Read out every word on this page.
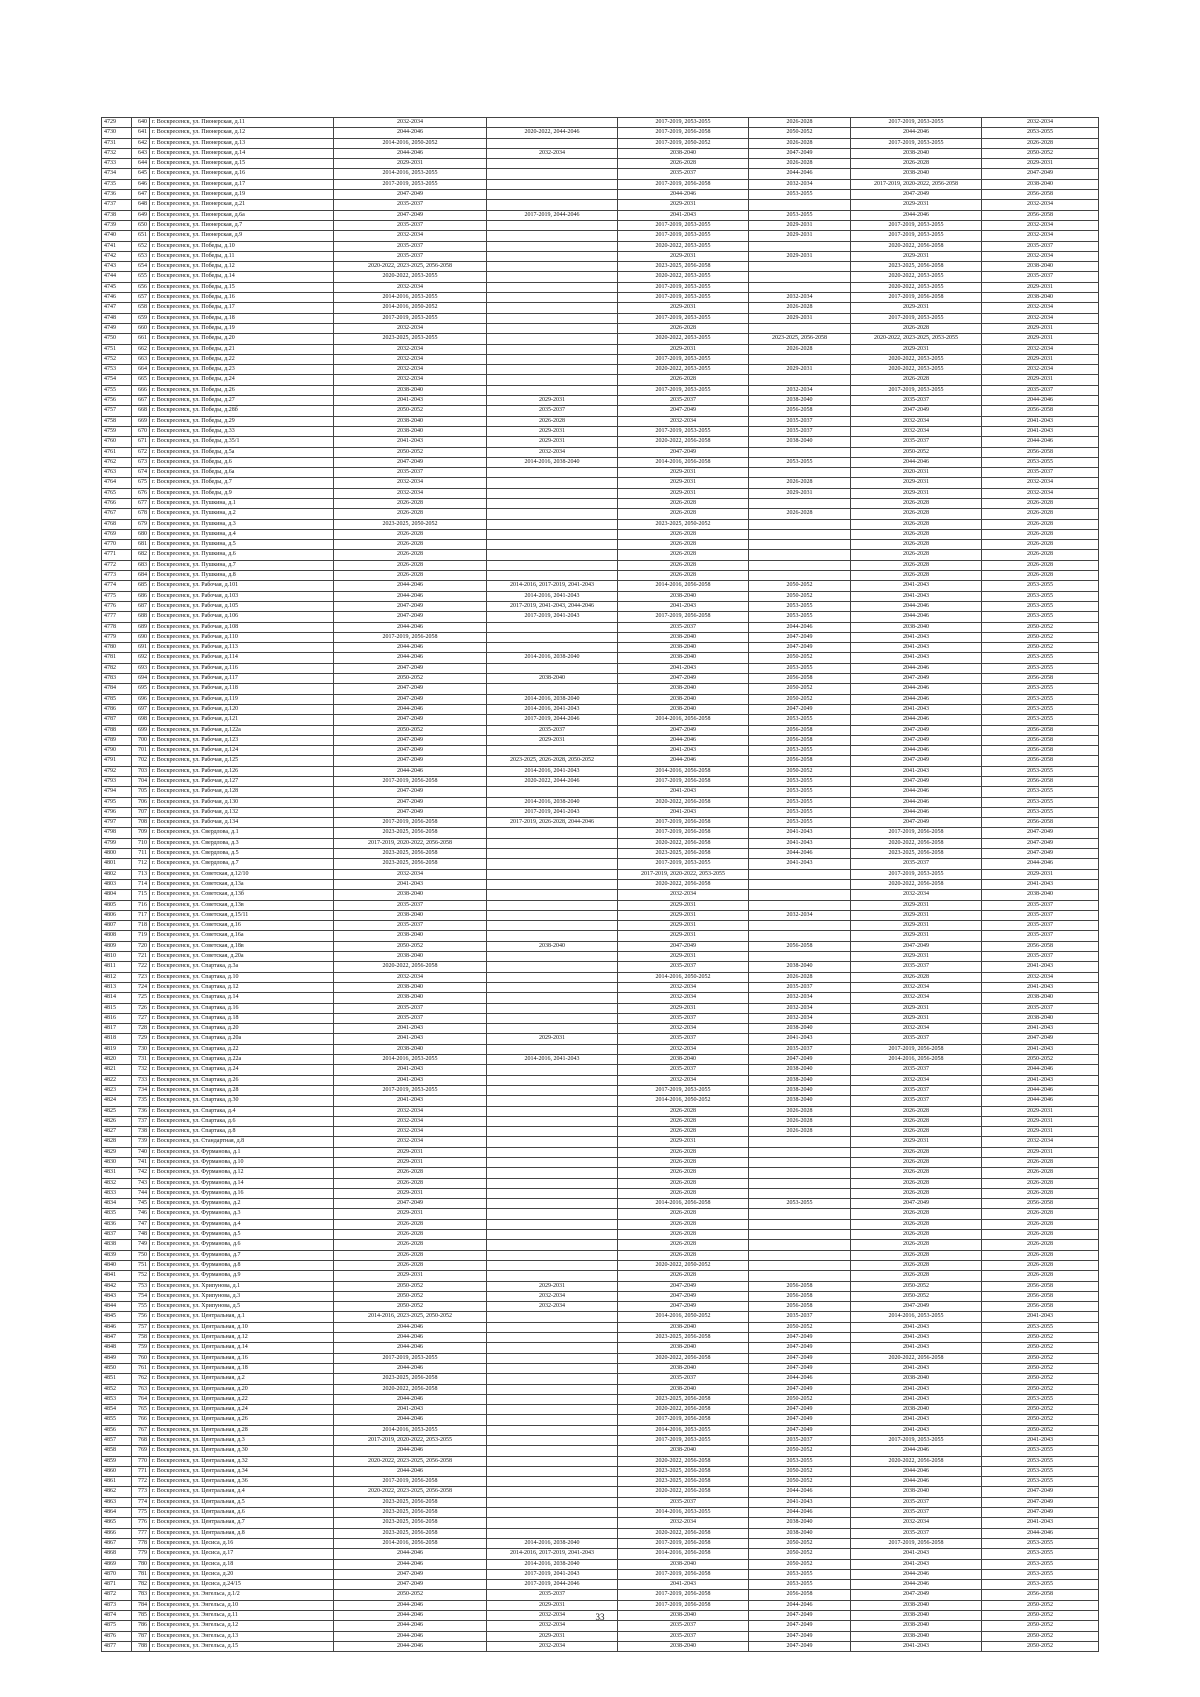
4729	640	г. Воскресенск, ул. Пионерская, д.11	2032-2034		2017-2019, 2053-2055	2026-2028	2017-2019, 2053-2055	2032-2034
4730	641	г. Воскресенск, ул. Пионерская, д.12	2044-2046	2020-2022, 2044-2046	2017-2019, 2056-2058	2050-2052	2044-2046	2053-2055
4731	642	г. Воскресенск, ул. Пионерская, д.13	2014-2016, 2050-2052		2017-2019, 2050-2052	2026-2028	2017-2019, 2053-2055	2026-2028
4732	643	г. Воскресенск, ул. Пионерская, д.14	2044-2046	2032-2034	2038-2040	2047-2049	2038-2040	2050-2052
4733	644	г. Воскресенск, ул. Пионерская, д.15	2029-2031		2026-2028	2026-2028	2026-2028	2029-2031
4734	645	г. Воскресенск, ул. Пионерская, д.16	2014-2016, 2053-2055		2035-2037	2044-2046	2038-2040	2047-2049
4735	646	г. Воскресенск, ул. Пионерская, д.17	2017-2019, 2053-2055		2017-2019, 2056-2058	2032-2034	2017-2019, 2020-2022, 2056-2058	2038-2040
4736	647	г. Воскресенск, ул. Пионерская, д.19	2047-2049		2044-2046	2053-2055	2047-2049	2056-2058
4737	648	г. Воскресенск, ул. Пионерская, д.21	2035-2037		2029-2031		2029-2031	2032-2034
4738	649	г. Воскресенск, ул. Пионерская, д.6а	2047-2049	2017-2019, 2044-2046	2041-2043	2053-2055	2044-2046	2056-2058
4739	650	г. Воскресенск, ул. Пионерская, д.7	2035-2037		2017-2019, 2053-2055	2029-2031	2017-2019, 2053-2055	2032-2034
4740	651	г. Воскресенск, ул. Пионерская, д.9	2032-2034		2017-2019, 2053-2055	2029-2031	2017-2019, 2053-2055	2032-2034
4741	652	г. Воскресенск, ул. Победы, д.10	2035-2037		2020-2022, 2053-2055		2020-2022, 2056-2058	2035-2037
4742	653	г. Воскресенск, ул. Победы, д.11	2035-2037		2029-2031	2029-2031	2029-2031	2032-2034
4743	654	г. Воскресенск, ул. Победы, д.12	2020-2022, 2023-2025, 2056-2058		2023-2025, 2056-2058		2023-2025, 2056-2058	2038-2040
4744	655	г. Воскресенск, ул. Победы, д.14	2020-2022, 2053-2055		2020-2022, 2053-2055		2020-2022, 2053-2055	2035-2037
4745	656	г. Воскресенск, ул. Победы, д.15	2032-2034		2017-2019, 2053-2055		2020-2022, 2053-2055	2029-2031
4746	657	г. Воскресенск, ул. Победы, д.16	2014-2016, 2053-2055		2017-2019, 2053-2055	2032-2034	2017-2019, 2056-2058	2038-2040
4747	658	г. Воскресенск, ул. Победы, д.17	2014-2016, 2050-2052		2029-2031	2026-2028	2029-2031	2032-2034
4748	659	г. Воскресенск, ул. Победы, д.18	2017-2019, 2053-2055		2017-2019, 2053-2055	2029-2031	2017-2019, 2053-2055	2032-2034
4749	660	г. Воскресенск, ул. Победы, д.19	2032-2034		2026-2028		2026-2028	2029-2031
4750	661	г. Воскресенск, ул. Победы, д.20	2023-2025, 2053-2055		2020-2022, 2053-2055	2023-2025, 2056-2058	2020-2022, 2023-2025, 2053-2055	2029-2031
4751	662	г. Воскресенск, ул. Победы, д.21	2032-2034		2029-2031	2026-2028	2029-2031	2032-2034
4752	663	г. Воскресенск, ул. Победы, д.22	2032-2034		2017-2019, 2053-2055		2020-2022, 2053-2055	2029-2031
4753	664	г. Воскресенск, ул. Победы, д.23	2032-2034		2020-2022, 2053-2055	2029-2031	2020-2022, 2053-2055	2032-2034
4754	665	г. Воскресенск, ул. Победы, д.24	2032-2034		2026-2028		2026-2028	2029-2031
4755	666	г. Воскресенск, ул. Победы, д.26	2038-2040		2017-2019, 2053-2055	2032-2034	2017-2019, 2053-2055	2035-2037
4756	667	г. Воскресенск, ул. Победы, д.27	2041-2043	2029-2031	2035-2037	2038-2040	2035-2037	2044-2046
4757	668	г. Воскресенск, ул. Победы, д.28б	2050-2052	2035-2037	2047-2049	2056-2058	2047-2049	2056-2058
4758	669	г. Воскресенск, ул. Победы, д.29	2038-2040	2026-2028	2032-2034	2035-2037	2032-2034	2041-2043
4759	670	г. Воскресенск, ул. Победы, д.33	2038-2040	2029-2031	2017-2019, 2053-2055	2035-2037	2032-2034	2041-2043
4760	671	г. Воскресенск, ул. Победы, д.35/1	2041-2043	2029-2031	2020-2022, 2056-2058	2038-2040	2035-2037	2044-2046
4761	672	г. Воскресенск, ул. Победы, д.5а	2050-2052	2032-2034	2047-2049		2050-2052	2056-2058
4762	673	г. Воскресенск, ул. Победы, д.6	2047-2049	2014-2016, 2038-2040	2014-2016, 2056-2058	2053-2055	2044-2046	2053-2055
4763	674	г. Воскресенск, ул. Победы, д.6а	2035-2037		2029-2031		2020-2031	2035-2037
4764	675	г. Воскресенск, ул. Победы, д.7	2032-2034		2029-2031	2026-2028	2029-2031	2032-2034
4765	676	г. Воскресенск, ул. Победы, д.9	2032-2034		2029-2031	2029-2031	2029-2031	2032-2034
4766	677	г. Воскресенск, ул. Пушкина, д.1	2026-2028		2026-2028		2026-2028	2026-2028
4767	678	г. Воскресенск, ул. Пушкина, д.2	2026-2028		2026-2028	2026-2028	2026-2028	2026-2028
4768	679	г. Воскресенск, ул. Пушкина, д.3	2023-2025, 2050-2052		2023-2025, 2050-2052		2026-2028	2026-2028
4769	680	г. Воскресенск, ул. Пушкина, д.4	2026-2028		2026-2028		2026-2028	2026-2028
4770	681	г. Воскресенск, ул. Пушкина, д.5	2026-2028		2026-2028		2026-2028	2026-2028
4771	682	г. Воскресенск, ул. Пушкина, д.6	2026-2028		2026-2028		2026-2028	2026-2028
4772	683	г. Воскресенск, ул. Пушкина, д.7	2026-2028		2026-2028		2026-2028	2026-2028
4773	684	г. Воскресенск, ул. Пушкина, д.8	2026-2028		2026-2028		2026-2028	2026-2028
4774	685	г. Воскресенск, ул. Рабочая, д.101	2044-2046	2014-2016, 2017-2019, 2041-2043	2014-2016, 2056-2058	2050-2052	2041-2043	2053-2055
4775	686	г. Воскресенск, ул. Рабочая, д.103	2044-2046	2014-2016, 2041-2043	2038-2040	2050-2052	2041-2043	2053-2055
4776	687	г. Воскресенск, ул. Рабочая, д.105	2047-2049	2017-2019, 2041-2043, 2044-2046	2041-2043	2053-2055	2044-2046	2053-2055
4777	688	г. Воскресенск, ул. Рабочая, д.106	2047-2049	2017-2019, 2041-2043	2017-2019, 2056-2058	2053-2055	2044-2046	2053-2055
4778	689	г. Воскресенск, ул. Рабочая, д.108	2044-2046		2035-2037	2044-2046	2038-2040	2050-2052
4779	690	г. Воскресенск, ул. Рабочая, д.110	2017-2019, 2056-2058		2038-2040	2047-2049	2041-2043	2050-2052
4780	691	г. Воскресенск, ул. Рабочая, д.113	2044-2046		2038-2040	2047-2049	2041-2043	2050-2052
4781	692	г. Воскресенск, ул. Рабочая, д.114	2044-2046	2014-2016, 2038-2040	2038-2040	2050-2052	2041-2043	2053-2055
4782	693	г. Воскресенск, ул. Рабочая, д.116	2047-2049		2041-2043	2053-2055	2044-2046	2053-2055
4783	694	г. Воскресенск, ул. Рабочая, д.117	2050-2052	2038-2040	2047-2049	2056-2058	2047-2049	2056-2058
4784	695	г. Воскресенск, ул. Рабочая, д.118	2047-2049		2038-2040	2050-2052	2044-2046	2053-2055
4785	696	г. Воскресенск, ул. Рабочая, д.119	2047-2049	2014-2016, 2038-2040	2038-2040	2050-2052	2044-2046	2053-2055
4786	697	г. Воскресенск, ул. Рабочая, д.120	2044-2046	2014-2016, 2041-2043	2038-2040	2047-2049	2041-2043	2053-2055
4787	698	г. Воскресенск, ул. Рабочая, д.121	2047-2049	2017-2019, 2044-2046	2014-2016, 2056-2058	2053-2055	2044-2046	2053-2055
4788	699	г. Воскресенск, ул. Рабочая, д.122а	2050-2052	2035-2037	2047-2049	2056-2058	2047-2049	2056-2058
4789	700	г. Воскресенск, ул. Рабочая, д.123	2047-2049	2029-2031	2044-2046	2056-2058	2047-2049	2056-2058
4790	701	г. Воскресенск, ул. Рабочая, д.124	2047-2049		2041-2043	2053-2055	2044-2046	2056-2058
4791	702	г. Воскресенск, ул. Рабочая, д.125	2047-2049	2023-2025, 2026-2028, 2050-2052	2044-2046	2056-2058	2047-2049	2056-2058
4792	703	г. Воскресенск, ул. Рабочая, д.126	2044-2046	2014-2016, 2041-2043	2014-2016, 2056-2058	2050-2052	2041-2043	2053-2055
4793	704	г. Воскресенск, ул. Рабочая, д.127	2017-2019, 2056-2058	2020-2022, 2044-2046	2017-2019, 2056-2058	2053-2055	2047-2049	2056-2058
4794	705	г. Воскресенск, ул. Рабочая, д.128	2047-2049		2041-2043	2053-2055	2044-2046	2053-2055
4795	706	г. Воскресенск, ул. Рабочая, д.130	2047-2049	2014-2016, 2038-2040	2020-2022, 2056-2058	2053-2055	2044-2046	2053-2055
4796	707	г. Воскресенск, ул. Рабочая, д.132	2047-2049	2017-2019, 2041-2043	2041-2043	2053-2055	2044-2046	2053-2055
4797	708	г. Воскресенск, ул. Рабочая, д.134	2017-2019, 2056-2058	2017-2019, 2026-2028, 2044-2046	2017-2019, 2056-2058	2053-2055	2047-2049	2056-2058
4798	709	г. Воскресенск, ул. Свердлова, д.1	2023-2025, 2056-2058		2017-2019, 2056-2058	2041-2043	2017-2019, 2056-2058	2047-2049
4799	710	г. Воскресенск, ул. Свердлова, д.3	2017-2019, 2020-2022, 2056-2058		2020-2022, 2056-2058	2041-2043	2020-2022, 2056-2058	2047-2049
4800	711	г. Воскресенск, ул. Свердлова, д.5	2023-2025, 2056-2058		2023-2025, 2056-2058	2044-2046	2023-2025, 2056-2058	2047-2049
4801	712	г. Воскресенск, ул. Свердлова, д.7	2023-2025, 2056-2058		2017-2019, 2053-2055	2041-2043	2035-2037	2044-2046
4802	713	г. Воскресенск, ул. Советская, д.12/10	2032-2034		2017-2019, 2020-2022, 2053-2055		2017-2019, 2053-2055	2029-2031
4803	714	г. Воскресенск, ул. Советская, д.13а	2041-2043		2020-2022, 2056-2058		2020-2022, 2056-2058	2041-2043
4804	715	г. Воскресенск, ул. Советская, д.13б	2038-2040		2032-2034		2032-2034	2038-2040
4805	716	г. Воскресенск, ул. Советская, д.13в	2035-2037		2029-2031		2029-2031	2035-2037
4806	717	г. Воскресенск, ул. Советская, д.15/11	2038-2040		2029-2031	2032-2034	2029-2031	2035-2037
4807	718	г. Воскресенск, ул. Советская, д.16	2035-2037		2029-2031		2029-2031	2035-2037
4808	719	г. Воскресенск, ул. Советская, д.16а	2038-2040		2029-2031		2029-2031	2035-2037
4809	720	г. Воскресенск, ул. Советская, д.18в	2050-2052	2038-2040	2047-2049	2056-2058	2047-2049	2056-2058
4810	721	г. Воскресенск, ул. Советская, д.20а	2038-2040		2029-2031		2029-2031	2035-2037
4811	722	г. Воскресенск, ул. Спартака, д.3а	2020-2022, 2056-2058		2035-2037	2038-2040	2035-2037	2041-2043
4812	723	г. Воскресенск, ул. Спартака, д.10	2032-2034		2014-2016, 2050-2052	2026-2028	2026-2028	2032-2034
4813	724	г. Воскресенск, ул. Спартака, д.12	2038-2040		2032-2034	2035-2037	2032-2034	2041-2043
4814	725	г. Воскресенск, ул. Спартака, д.14	2038-2040		2032-2034	2032-2034	2032-2034	2038-2040
4815	726	г. Воскресенск, ул. Спартака, д.16	2035-2037		2029-2031	2032-2034	2029-2031	2035-2037
4816	727	г. Воскресенск, ул. Спартака, д.18	2035-2037		2035-2037	2032-2034	2029-2031	2038-2040
4817	728	г. Воскресенск, ул. Спартака, д.20	2041-2043		2032-2034	2038-2040	2032-2034	2041-2043
4818	729	г. Воскресенск, ул. Спартака, д.20а	2041-2043	2029-2031	2035-2037	2041-2043	2035-2037	2047-2049
4819	730	г. Воскресенск, ул. Спартака, д.22	2038-2040		2032-2034	2035-2037	2017-2019, 2056-2058	2041-2043
4820	731	г. Воскресенск, ул. Спартака, д.22а	2014-2016, 2053-2055	2014-2016, 2041-2043	2038-2040	2047-2049	2014-2016, 2056-2058	2050-2052
4821	732	г. Воскресенск, ул. Спартака, д.24	2041-2043		2035-2037	2038-2040	2035-2037	2044-2046
4822	733	г. Воскресенск, ул. Спартака, д.26	2041-2043		2032-2034	2038-2040	2032-2034	2041-2043
4823	734	г. Воскресенск, ул. Спартака, д.28	2017-2019, 2053-2055		2017-2019, 2053-2055	2038-2040	2035-2037	2044-2046
4824	735	г. Воскресенск, ул. Спартака, д.30	2041-2043		2014-2016, 2050-2052	2038-2040	2035-2037	2044-2046
4825	736	г. Воскресенск, ул. Спартака, д.4	2032-2034		2026-2028	2026-2028	2026-2028	2029-2031
4826	737	г. Воскресенск, ул. Спартака, д.6	2032-2034		2026-2028	2026-2028	2026-2028	2029-2031
4827	738	г. Воскресенск, ул. Спартака, д.8	2032-2034		2026-2028	2026-2028	2026-2028	2029-2031
4828	739	г. Воскресенск, ул. Стандартная, д.8	2032-2034		2029-2031		2029-2031	2032-2034
4829	740	г. Воскресенск, ул. Фурманова, д.1	2029-2031		2026-2028		2026-2028	2029-2031
4830	741	г. Воскресенск, ул. Фурманова, д.10	2029-2031		2026-2028		2026-2028	2026-2028
4831	742	г. Воскресенск, ул. Фурманова, д.12	2026-2028		2026-2028		2026-2028	2026-2028
4832	743	г. Воскресенск, ул. Фурманова, д.14	2026-2028		2026-2028		2026-2028	2026-2028
4833	744	г. Воскресенск, ул. Фурманова, д.16	2029-2031		2026-2028		2026-2028	2026-2028
4834	745	г. Воскресенск, ул. Фурманова, д.2	2047-2049		2014-2016, 2056-2058	2053-2055	2047-2049	2056-2058
4835	746	г. Воскресенск, ул. Фурманова, д.3	2029-2031		2026-2028		2026-2028	2026-2028
4836	747	г. Воскресенск, ул. Фурманова, д.4	2026-2028		2026-2028		2026-2028	2026-2028
4837	748	г. Воскресенск, ул. Фурманова, д.5	2026-2028		2026-2028		2026-2028	2026-2028
4838	749	г. Воскресенск, ул. Фурманова, д.6	2026-2028		2026-2028		2026-2028	2026-2028
4839	750	г. Воскресенск, ул. Фурманова, д.7	2026-2028		2026-2028		2026-2028	2026-2028
4840	751	г. Воскресенск, ул. Фурманова, д.8	2026-2028		2020-2022, 2050-2052		2026-2028	2026-2028
4841	752	г. Воскресенск, ул. Фурманова, д.9	2029-2031		2026-2028		2026-2028	2026-2028
4842	753	г. Воскресенск, ул. Хрипунова, д.1	2050-2052	2029-2031	2047-2049	2056-2058	2050-2052	2056-2058
4843	754	г. Воскресенск, ул. Хрипунова, д.3	2050-2052	2032-2034	2047-2049	2056-2058	2050-2052	2056-2058
4844	755	г. Воскресенск, ул. Хрипунова, д.5	2050-2052	2032-2034	2047-2049	2056-2058	2047-2049	2056-2058
4845	756	г. Воскресенск, ул. Центральная, д.1	2014-2016, 2023-2025, 2050-2052		2014-2016, 2050-2052	2035-2037	2014-2016, 2053-2055	2041-2043
4846	757	г. Воскресенск, ул. Центральная, д.10	2044-2046		2038-2040	2050-2052	2041-2043	2053-2055
4847	758	г. Воскресенск, ул. Центральная, д.12	2044-2046		2023-2025, 2056-2058	2047-2049	2041-2043	2050-2052
4848	759	г. Воскресенск, ул. Центральная, д.14	2044-2046		2038-2040	2047-2049	2041-2043	2050-2052
4849	760	г. Воскресенск, ул. Центральная, д.16	2017-2019, 2053-2055		2020-2022, 2056-2058	2047-2049	2020-2022, 2056-2058	2050-2052
4850	761	г. Воскресенск, ул. Центральная, д.18	2044-2046		2038-2040	2047-2049	2041-2043	2050-2052
4851	762	г. Воскресенск, ул. Центральная, д.2	2023-2025, 2056-2058		2035-2037	2044-2046	2038-2040	2050-2052
4852	763	г. Воскресенск, ул. Центральная, д.20	2020-2022, 2056-2058		2038-2040	2047-2049	2041-2043	2050-2052
4853	764	г. Воскресенск, ул. Центральная, д.22	2044-2046		2023-2025, 2056-2058	2050-2052	2041-2043	2053-2055
4854	765	г. Воскресенск, ул. Центральная, д.24	2041-2043		2020-2022, 2056-2058	2047-2049	2038-2040	2050-2052
4855	766	г. Воскресенск, ул. Центральная, д.26	2044-2046		2017-2019, 2056-2058	2047-2049	2041-2043	2050-2052
4856	767	г. Воскресенск, ул. Центральная, д.28	2014-2016, 2053-2055		2014-2016, 2053-2055	2047-2049	2041-2043	2050-2052
4857	768	г. Воскресенск, ул. Центральная, д.3	2017-2019, 2020-2022, 2053-2055		2017-2019, 2053-2055	2035-2037	2017-2019, 2053-2055	2041-2043
4858	769	г. Воскресенск, ул. Центральная, д.30	2044-2046		2038-2040	2050-2052	2044-2046	2053-2055
4859	770	г. Воскресенск, ул. Центральная, д.32	2020-2022, 2023-2025, 2056-2058		2020-2022, 2056-2058	2053-2055	2020-2022, 2056-2058	2053-2055
4860	771	г. Воскресенск, ул. Центральная, д.34	2044-2046		2023-2025, 2056-2058	2050-2052	2044-2046	2053-2055
4861	772	г. Воскресенск, ул. Центральная, д.36	2017-2019, 2056-2058		2023-2025, 2056-2058	2050-2052	2044-2046	2053-2055
4862	773	г. Воскресенск, ул. Центральная, д.4	2020-2022, 2023-2025, 2056-2058		2020-2022, 2056-2058	2044-2046	2038-2040	2047-2049
4863	774	г. Воскресенск, ул. Центральная, д.5	2023-2025, 2056-2058		2035-2037	2041-2043	2035-2037	2047-2049
4864	775	г. Воскресенск, ул. Центральная, д.6	2023-2025, 2056-2058		2014-2016, 2053-2055	2044-2046	2035-2037	2047-2049
4865	776	г. Воскресенск, ул. Центральная, д.7	2023-2025, 2056-2058		2032-2034	2038-2040	2032-2034	2041-2043
4866	777	г. Воскресенск, ул. Центральная, д.8	2023-2025, 2056-2058		2020-2022, 2056-2058	2038-2040	2035-2037	2044-2046
4867	778	г. Воскресенск, ул. Цесиса, д.16	2014-2016, 2056-2058	2014-2016, 2038-2040	2017-2019, 2056-2058	2050-2052	2017-2019, 2056-2058	2053-2055
4868	779	г. Воскресенск, ул. Цесиса, д.17	2044-2046	2014-2016, 2017-2019, 2041-2043	2014-2016, 2056-2058	2050-2052	2041-2043	2053-2055
4869	780	г. Воскресенск, ул. Цесиса, д.18	2044-2046	2014-2016, 2038-2040	2038-2040	2050-2052	2041-2043	2053-2055
4870	781	г. Воскресенск, ул. Цесиса, д.20	2047-2049	2017-2019, 2041-2043	2017-2019, 2056-2058	2053-2055	2044-2046	2053-2055
4871	782	г. Воскресенск, ул. Цесиса, д.24/15	2047-2049	2017-2019, 2044-2046	2041-2043	2053-2055	2044-2046	2053-2055
4872	783	г. Воскресенск, ул. Энгельса, д.1/2	2050-2052	2035-2037	2017-2019, 2056-2058	2056-2058	2047-2049	2056-2058
4873	784	г. Воскресенск, ул. Энгельса, д.10	2044-2046	2029-2031	2017-2019, 2056-2058	2044-2046	2038-2040	2050-2052
4874	785	г. Воскресенск, ул. Энгельса, д.11	2044-2046	2032-2034	2038-2040	2047-2049	2038-2040	2050-2052
4875	786	г. Воскресенск, ул. Энгельса, д.12	2044-2046	2032-2034	2035-2037	2047-2049	2038-2040	2050-2052
4876	787	г. Воскресенск, ул. Энгельса, д.13	2044-2046	2029-2031	2035-2037	2047-2049	2038-2040	2050-2052
4877	788	г. Воскресенск, ул. Энгельса, д.15	2044-2046	2032-2034	2038-2040	2047-2049	2041-2043	2050-2052
33
